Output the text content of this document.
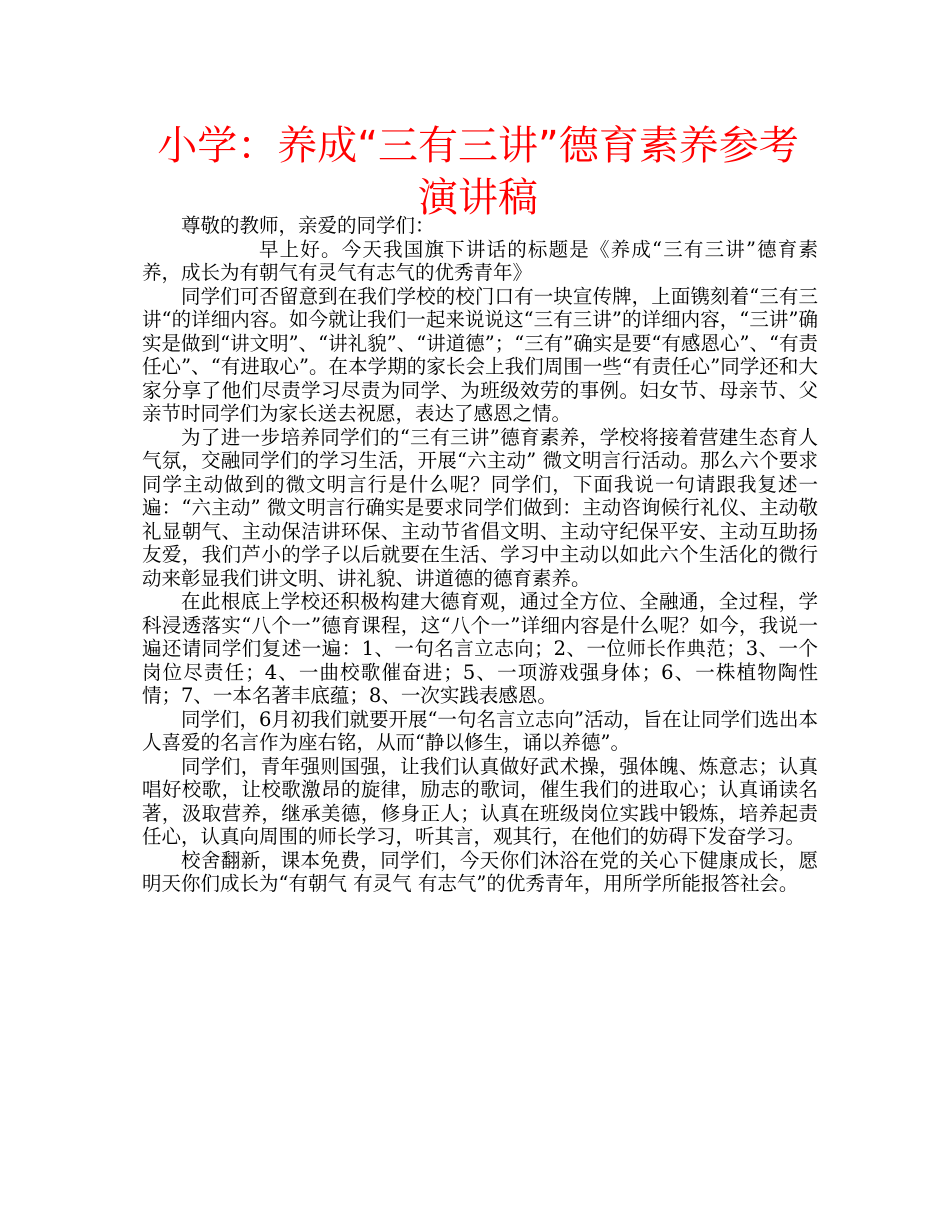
小学：养成“三有三讲”德育素养参考演讲稿

尊敬的教师，亲爱的同学们：

早上好。今天我国旗下讲话的标题是《养成“三有三讲”德育素养，成长为有朝气有灵气有志气的优秀青年》

同学们可否留意到在我们学校的校门口有一块宣传牌，上面镌刻着“三有三讲“的详细内容。如今就让我们一起来说说这“三有三讲”的详细内容，“三讲”确实是做到“讲文明”、“讲礼貌”、“讲道德”；“三有”确实是要“有感恩心”、“有责任心”、“有进取心”。在本学期的家长会上我们周围一些“有责任心”同学还和大家分享了他们尽责学习尽责为同学、为班级效劳的事例。妇女节、母亲节、父亲节时同学们为家长送去祝愿，表达了感恩之情。

为了进一步培养同学们的“三有三讲”德育素养，学校将接着营建生态育人气氛，交融同学们的学习生活，开展“六主动” 微文明言行活动。那么六个要求同学主动做到的微文明言行是什么呢？同学们，下面我说一句请跟我复述一遍：“六主动” 微文明言行确实是要求同学们做到：主动咨询候行礼仪、主动敬礼显朝气、主动保洁讲环保、主动节省倡文明、主动守纪保平安、主动互助扬友爱，我们芦小的学子以后就要在生活、学习中主动以如此六个生活化的微行动来彰显我们讲文明、讲礼貌、讲道德的德育素养。

在此根底上学校还积极构建大德育观，通过全方位、全融通，全过程，学科浸透落实“八个一”德育课程，这“八个一”详细内容是什么呢？如今，我说一遍还请同学们复述一遍：1、一句名言立志向；2、一位师长作典范；3、一个岗位尽责任；4、一曲校歌催奋进；5、一项游戏强身体；6、一株植物陶性情；7、一本名著丰底蕴；8、一次实践表感恩。

同学们，6月初我们就要开展“一句名言立志向”活动，旨在让同学们选出本人喜爱的名言作为座右铭，从而“静以修生，诵以养德”。

同学们，青年强则国强，让我们认真做好武术操，强体魄、炼意志；认真唱好校歌，让校歌激昂的旋律，励志的歌词，催生我们的进取心；认真诵读名著，汲取营养，继承美德，修身正人；认真在班级岗位实践中锻炼，培养起责任心，认真向周围的师长学习，听其言，观其行，在他们的妨碍下发奋学习。

校舍翻新，课本免费，同学们，今天你们沐浴在党的关心下健康成长，愿明天你们成长为“有朝气 有灵气 有志气”的优秀青年，用所学所能报答社会。
